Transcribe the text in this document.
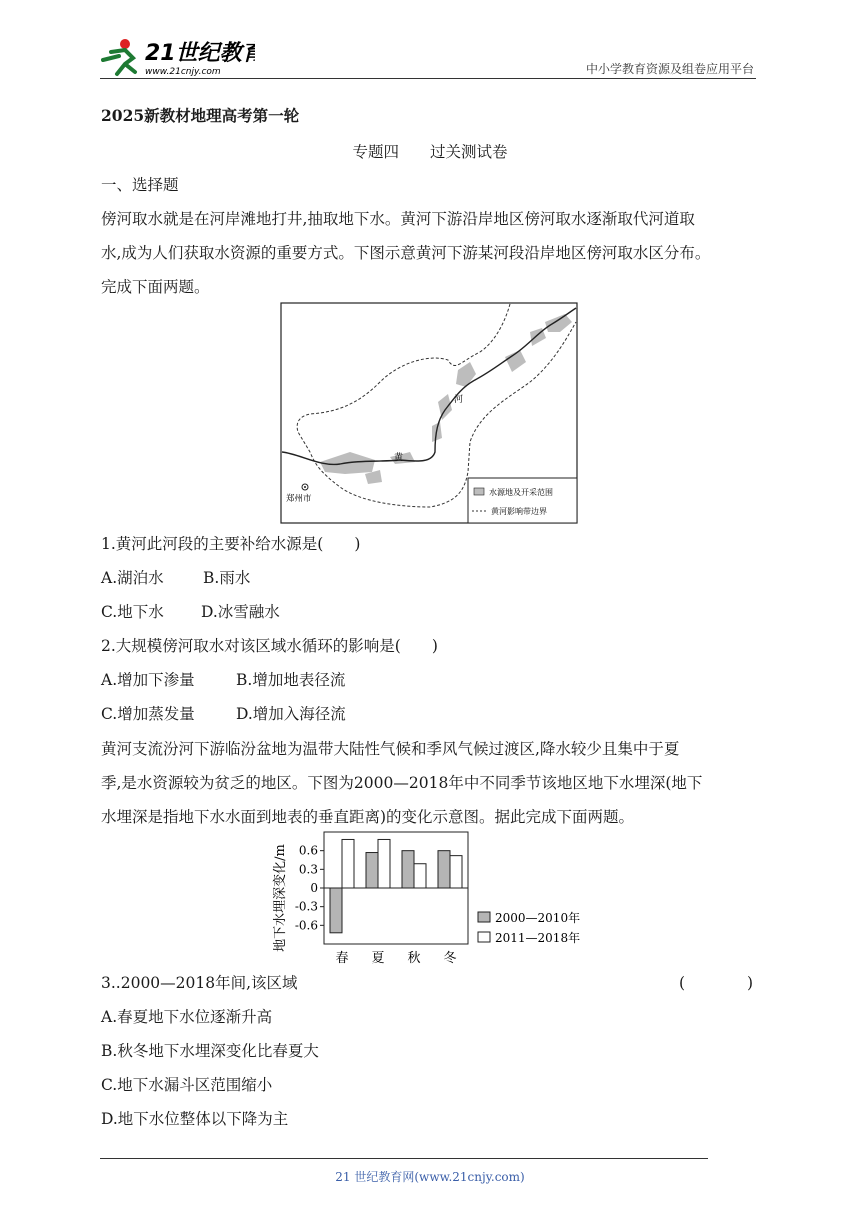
21世纪教育
www.21cnjy.com	中小学教育资源及组卷应用平台
2025新教材地理高考第一轮
专题四　　过关测试卷
一、选择题
傍河取水就是在河岸滩地打井,抽取地下水。黄河下游沿岸地区傍河取水逐渐取代河道取
水,成为人们获取水资源的重要方式。下图示意黄河下游某河段沿岸地区傍河取水区分布。
完成下面两题。
河
黄
郑州市
水源地及开采范围
黄河影响带边界
1.黄河此河段的主要补给水源是(　　)
A.湖泊水	B.雨水
C.地下水 D.冰雪融水
2.大规模傍河取水对该区域水循环的影响是(　　)
A.增加下渗量	B.增加地表径流
C.增加蒸发量	D.增加入海径流
黄河支流汾河下游临汾盆地为温带大陆性气候和季风气候过渡区,降水较少且集中于夏
季,是水资源较为贫乏的地区。下图为2000—2018年中不同季节该地区地下水埋深(地下
水埋深是指地下水水面到地表的垂直距离)的变化示意图。据此完成下面两题。
地下水埋深变化/m 0.6
0.3
0
-0.3
-0.6
春 夏 秋 冬
2000—2010年
2011—2018年
3..2000—2018年间,该区域	(　　　　)
A.春夏地下水位逐渐升高
B.秋冬地下水埋深变化比春夏大
C.地下水漏斗区范围缩小
D.地下水位整体以下降为主
21 世纪教育网(www.21cnjy.com)
